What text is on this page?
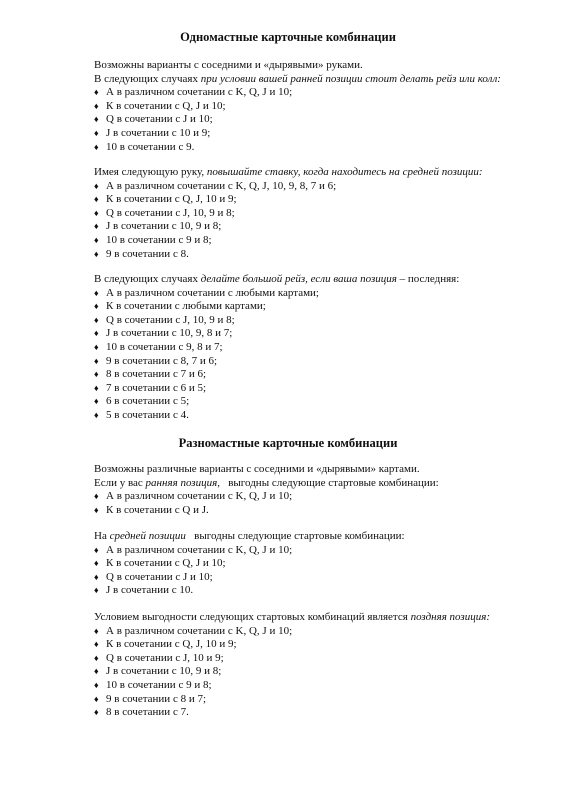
Одномастные карточные комбинации
Возможны варианты с соседними и «дырявыми» руками.
В следующих случаях при условии вашей ранней позиции стоит делать рейз или колл:
♦ А в различном сочетании с K, Q, J и 10;
♦ К в сочетании с Q, J и 10;
♦ Q в сочетании с J и 10;
♦ J в сочетании с 10 и 9;
♦ 10 в сочетании с 9.
Имея следующую руку, повышайте ставку, когда находитесь на средней позиции:
♦ А в различном сочетании с K, Q, J, 10, 9, 8, 7 и 6;
♦ К в сочетании с Q, J, 10 и 9;
♦ Q в сочетании с J, 10, 9 и 8;
♦ J в сочетании с 10, 9 и 8;
♦ 10 в сочетании с 9 и 8;
♦ 9 в сочетании с 8.
В следующих случаях делайте большой рейз, если ваша позиция – последняя:
♦ А в различном сочетании с любыми картами;
♦ К в сочетании с любыми картами;
♦ Q в сочетании с J, 10, 9 и 8;
♦ J в сочетании с 10, 9, 8 и 7;
♦ 10 в сочетании с 9, 8 и 7;
♦ 9 в сочетании с 8, 7 и 6;
♦ 8 в сочетании с 7 и 6;
♦ 7 в сочетании с 6 и 5;
♦ 6 в сочетании с 5;
♦ 5 в сочетании с 4.
Разномастные карточные комбинации
Возможны различные варианты с соседними и «дырявыми» картами.
Если у вас ранняя позиция,   выгодны следующие стартовые комбинации:
♦ А в различном сочетании с K, Q, J и 10;
♦ К в сочетании с Q и J.
На средней позиции   выгодны следующие стартовые комбинации:
♦ А в различном сочетании с K, Q, J и 10;
♦ К в сочетании с Q, J и 10;
♦ Q в сочетании с J и 10;
♦ J в сочетании с 10.
Условием выгодности следующих стартовых комбинаций является поздняя позиция:
♦ А в различном сочетании с K, Q, J и 10;
♦ К в сочетании с Q, J, 10 и 9;
♦ Q в сочетании с J, 10 и 9;
♦ J в сочетании с 10, 9 и 8;
♦ 10 в сочетании с 9 и 8;
♦ 9 в сочетании с 8 и 7;
♦ 8 в сочетании с 7.
